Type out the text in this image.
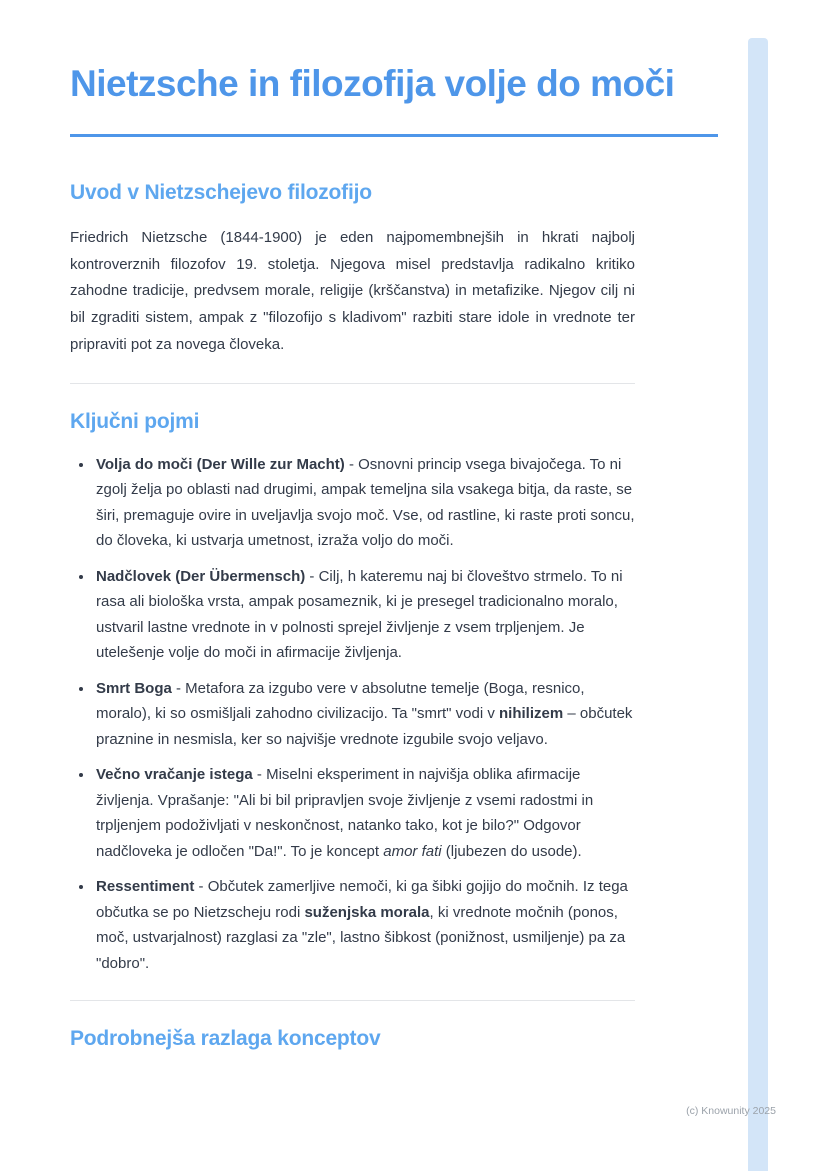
Nietzsche in filozofija volje do moči
Uvod v Nietzschejevo filozofijo

Friedrich Nietzsche (1844-1900) je eden najpomembnejših in hkrati najbolj kontroverznih filozofov 19. stoletja. Njegova misel predstavlja radikalno kritiko zahodne tradicije, predvsem morale, religije (krščanstva) in metafizike. Njegov cilj ni bil zgraditi sistem, ampak z "filozofijo s kladivom" razbiti stare idole in vrednote ter pripraviti pot za novega človeka.

Ključni pojmi
• Volja do moči (Der Wille zur Macht) - Osnovni princip vsega bivajočega. To ni zgolj želja po oblasti nad drugimi, ampak temeljna sila vsakega bitja, da raste, se širi, premaguje ovire in uveljavlja svojo moč. Vse, od rastline, ki raste proti soncu, do človeka, ki ustvarja umetnost, izraža voljo do moči.
• Nadčlovek (Der Übermensch) - Cilj, h kateremu naj bi človeštvo strmelo. To ni rasa ali biološka vrsta, ampak posameznik, ki je presegel tradicionalno moralo, ustvaril lastne vrednote in v polnosti sprejel življenje z vsem trpljenjem. Je utelešenje volje do moči in afirmacije življenja.
• Smrt Boga - Metafora za izgubo vere v absolutne temelje (Boga, resnico, moralo), ki so osmišljali zahodno civilizacijo. Ta "smrt" vodi v nihilizem – občutek praznine in nesmisla, ker so najvišje vrednote izgubile svojo veljavo.
• Večno vračanje istega - Miselni eksperiment in najvišja oblika afirmacije življenja. Vprašanje: "Ali bi bil pripravljen svoje življenje z vsemi radostmi in trpljenjem podoživljati v neskončnost, natanko tako, kot je bilo?" Odgovor nadčloveka je odločen "Da!". To je koncept amor fati (ljubezen do usode).
• Ressentiment - Občutek zamerljive nemoči, ki ga šibki gojijo do močnih. Iz tega občutka se po Nietzscheju rodi suženjska morala, ki vrednote močnih (ponos, moč, ustvarjalnost) razglasi za "zle", lastno šibkost (ponižnost, usmiljenje) pa za "dobro".
Podrobnejša razlaga konceptov
(c) Knowunity 2025
